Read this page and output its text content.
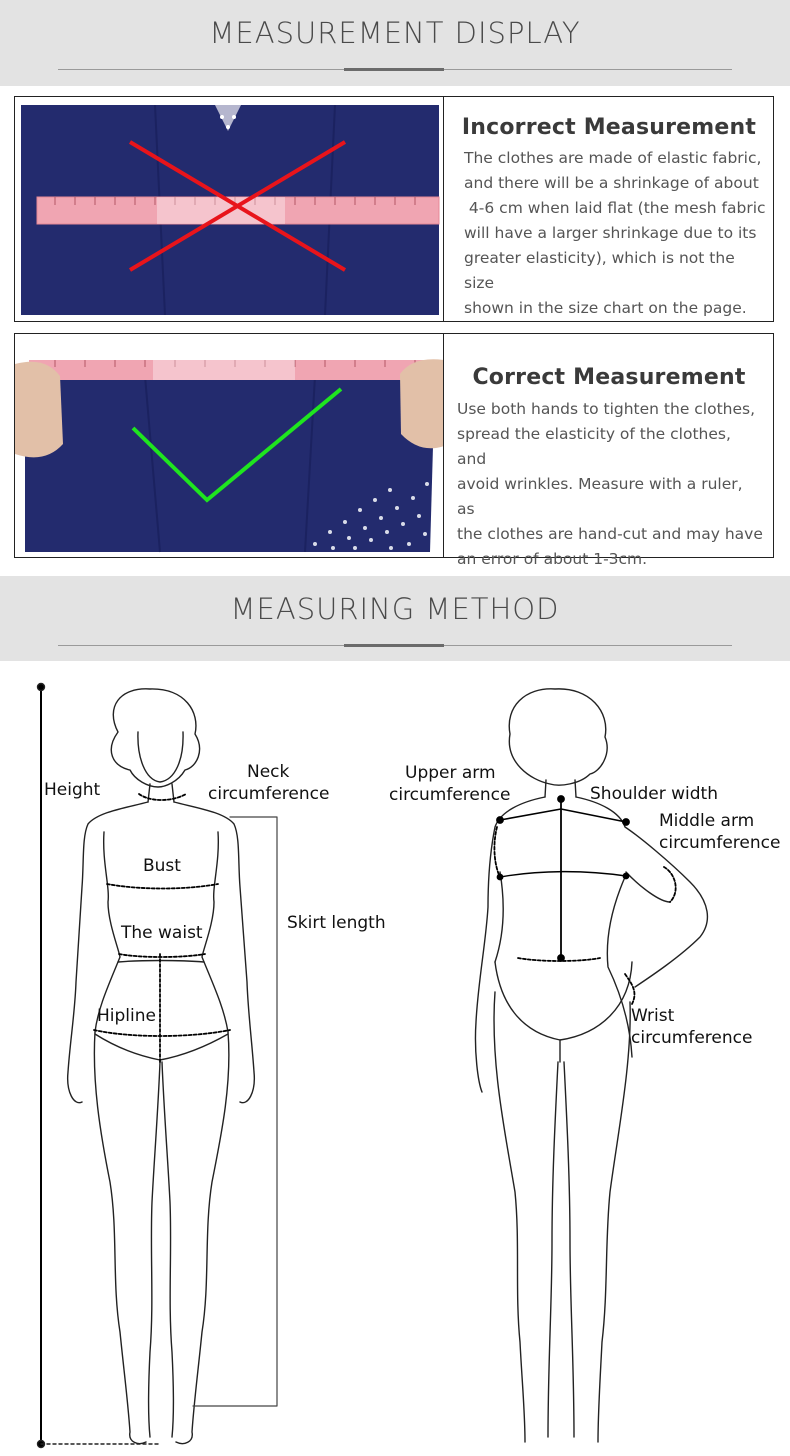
MEASUREMENT DISPLAY
Incorrect Measurement

The clothes are made of elastic fabric,
and there will be a shrinkage of about
4-6 cm when laid flat (the mesh fabric
will have a larger shrinkage due to its
greater elasticity), which is not the size
shown in the size chart on the page.

Correct Measurement

Use both hands to tighten the clothes,
spread the elasticity of the clothes, and
avoid wrinkles. Measure with a ruler, as
the clothes are hand-cut and may have
an error of about 1-3cm.

MEASURING METHOD
Height
Neck
circumference
Bust
The waist
Hipline
Skirt length
Upper arm
circumference	Shoulder width
Middle arm
circumference
Wrist
circumference
